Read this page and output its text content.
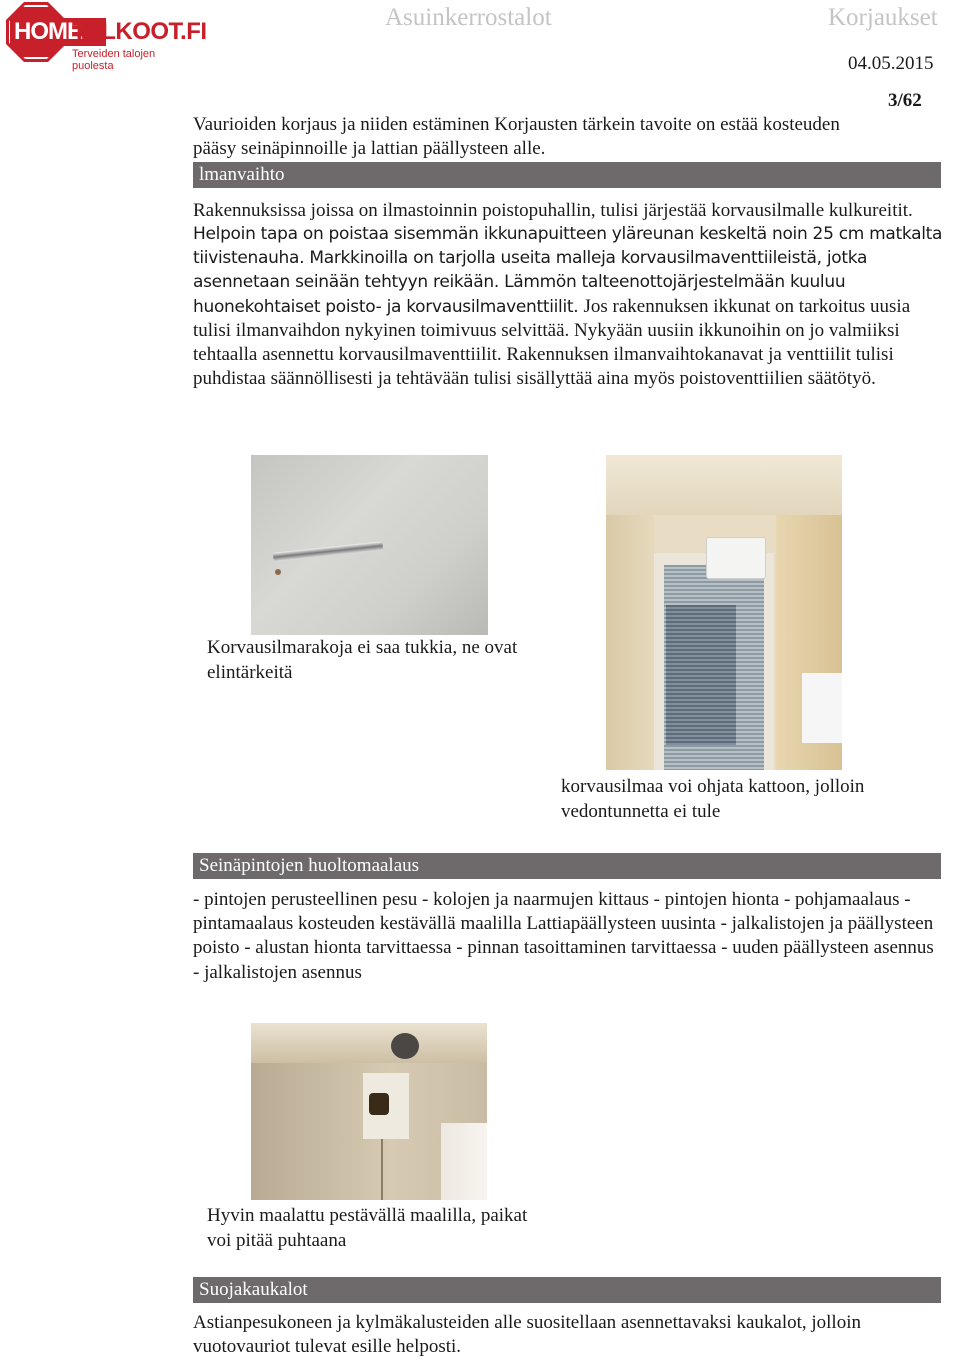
HOME
TALKOOT.FI
Terveiden talojen puolesta
Asuinkerrostalot	Korjaukset
04.05.2015
3/62
Vaurioiden korjaus ja niiden estäminen Korjausten tärkein tavoite on estää kosteuden pääsy seinäpinnoille ja lattian päällysteen alle.
lmanvaihto
Rakennuksissa joissa on ilmastoinnin poistopuhallin, tulisi järjestää korvausilmalle kulkureitit.
Helpoin tapa on poistaa sisemmän ikkunapuitteen yläreunan keskeltä noin 25 cm matkalta tiivistenauha. Markkinoilla on tarjolla useita malleja korvausilmaventtiileistä, jotka asennetaan seinään tehtyyn reikään. Lämmön talteenottojärjestelmään kuuluu huonekohtaiset poisto- ja korvausilmaventtiilit. Jos rakennuksen ikkunat on tarkoitus uusia tulisi ilmanvaihdon nykyinen toimivuus selvittää. Nykyään uusiin ikkunoihin on jo valmiiksi tehtaalla asennettu korvausilmaventtiilit. Rakennuksen ilmanvaihtokanavat ja venttiilit tulisi puhdistaa säännöllisesti ja tehtävään tulisi sisällyttää aina myös poistoventtiilien säätötyö.
Korvausilmarakoja ei saa tukkia, ne ovat elintärkeitä
korvausilmaa voi ohjata kattoon, jolloin vedontunnetta ei tule
Seinäpintojen huoltomaalaus
- pintojen perusteellinen pesu - kolojen ja naarmujen kittaus - pintojen hionta - pohjamaalaus - pintamaalaus kosteuden kestävällä maalilla Lattiapäällysteen uusinta - jalkalistojen ja päällysteen poisto - alustan hionta tarvittaessa - pinnan tasoittaminen tarvittaessa - uuden päällysteen asennus - jalkalistojen asennus
Hyvin maalattu pestävällä maalilla, paikat voi pitää puhtaana
Suojakaukalot
Astianpesukoneen ja kylmäkalusteiden alle suositellaan asennettavaksi kaukalot, jolloin vuotovauriot tulevat esille helposti.
